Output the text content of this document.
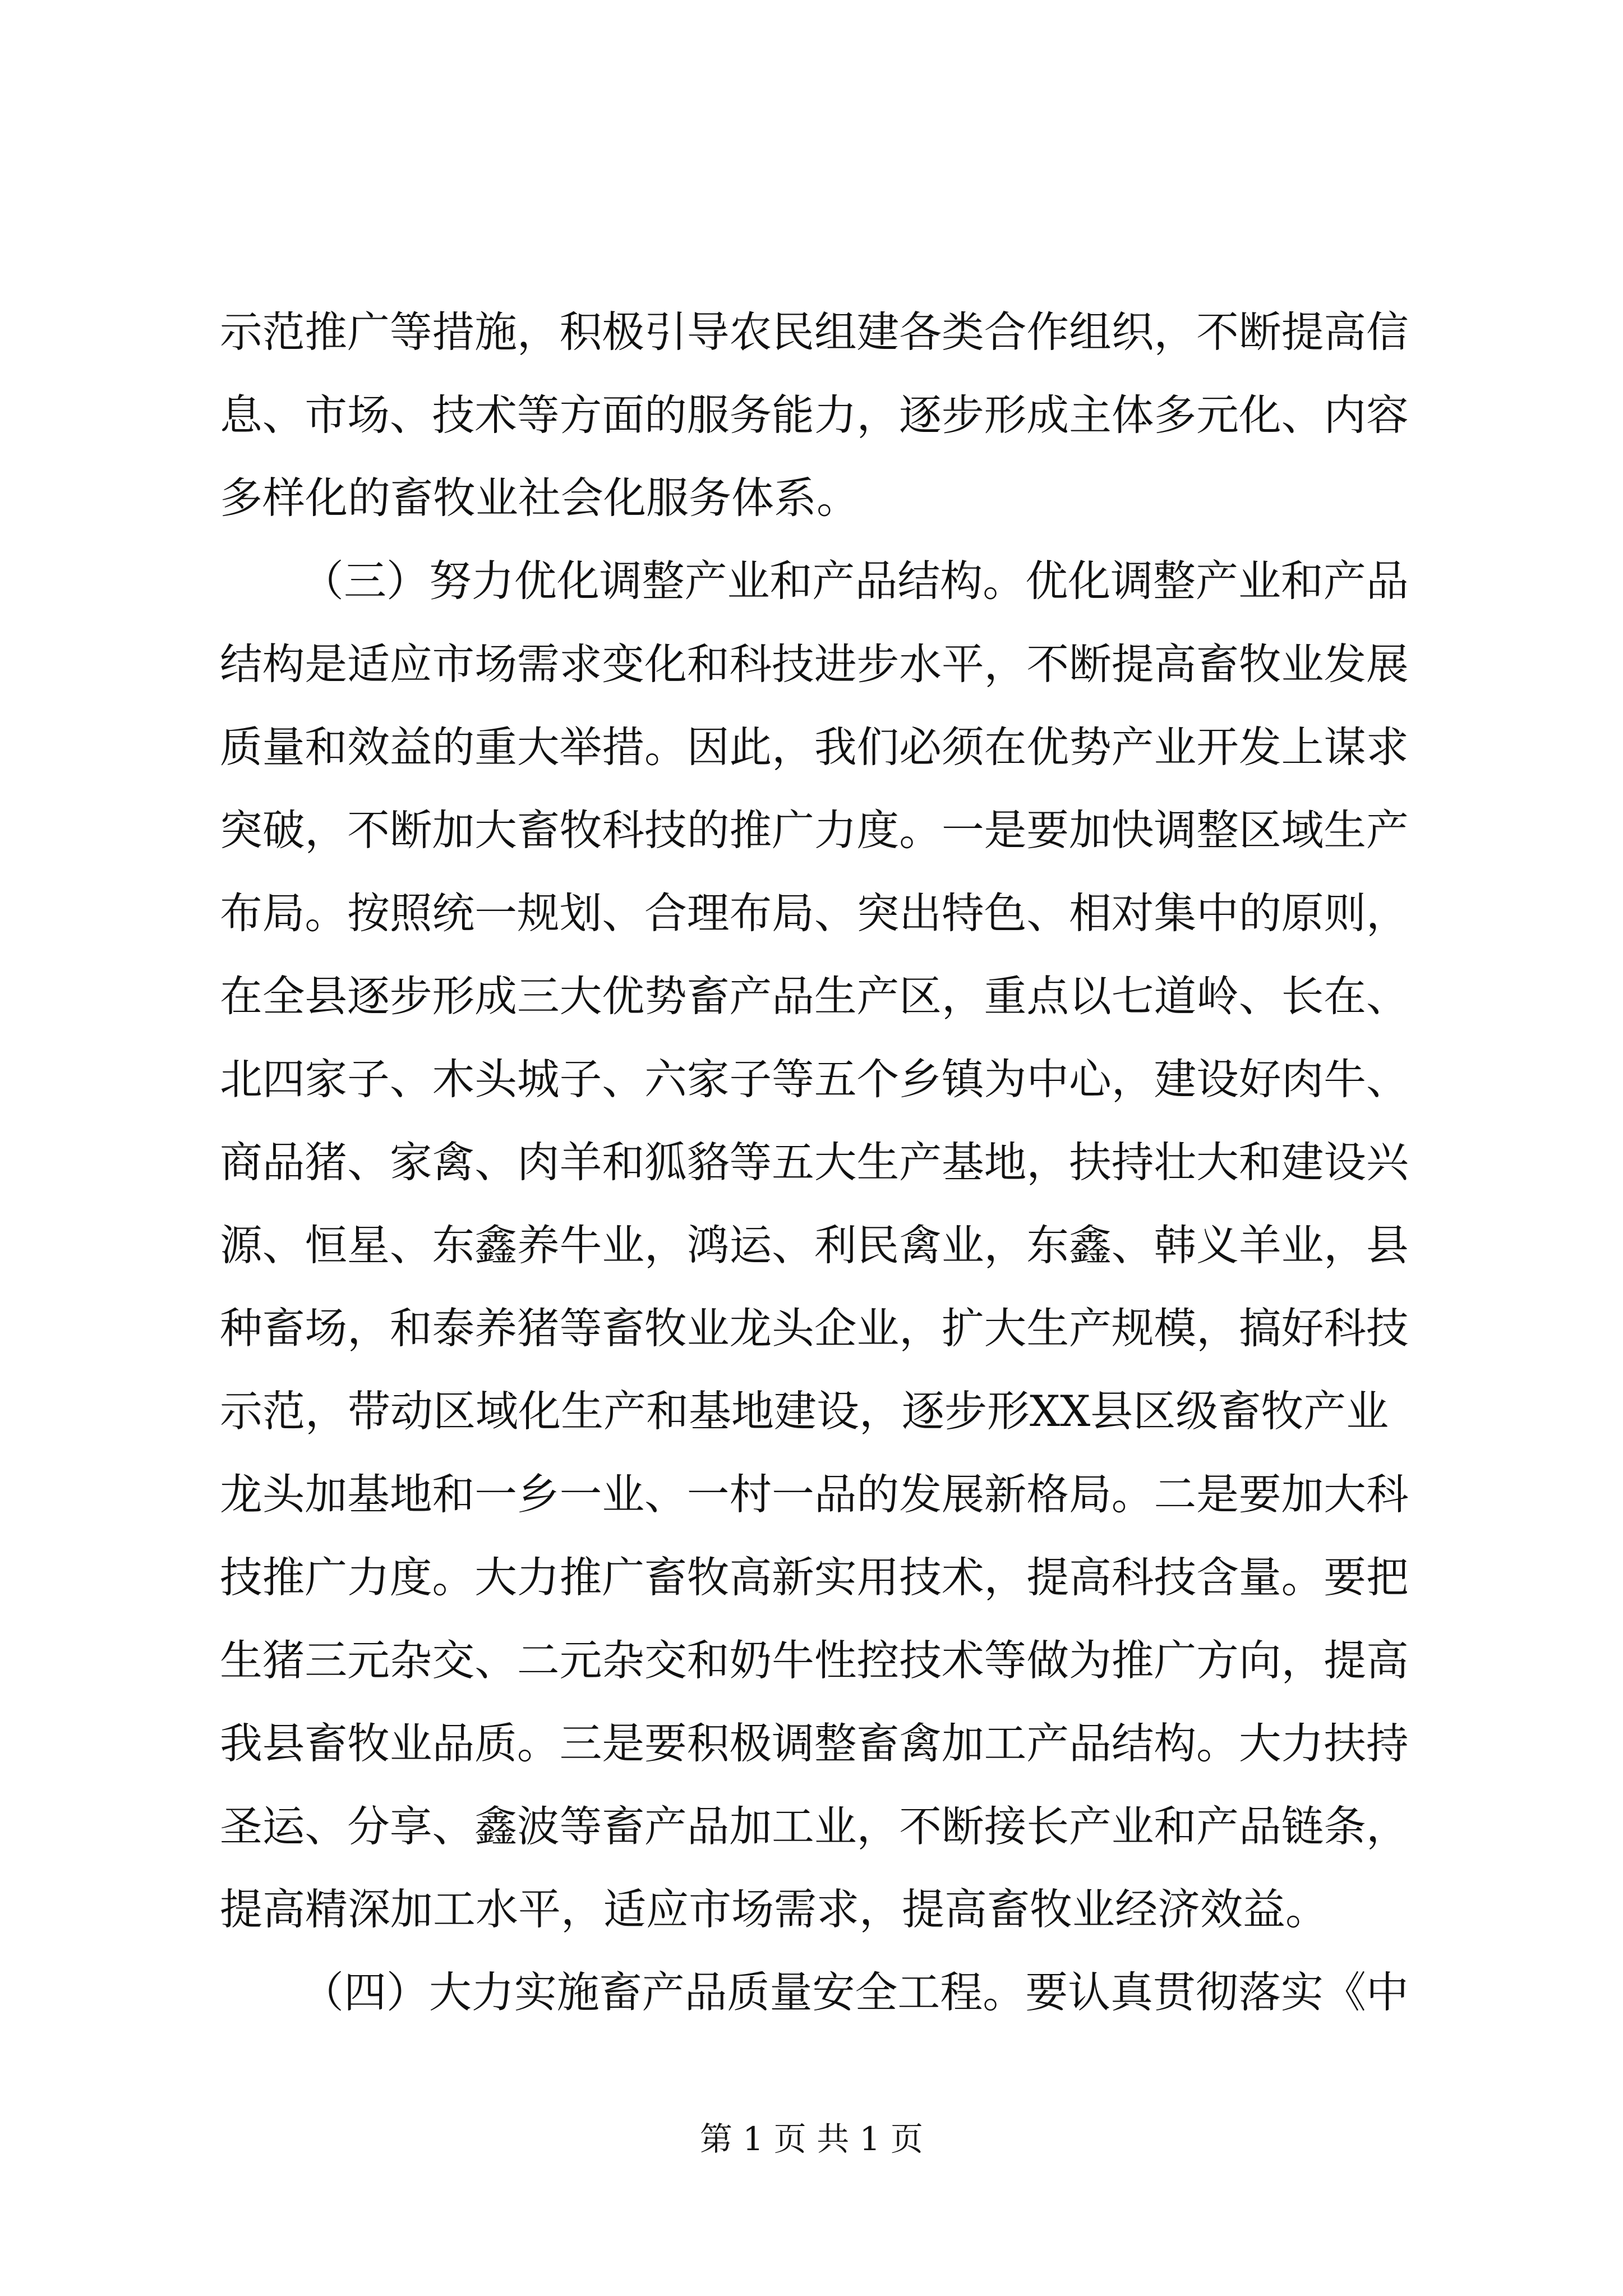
示范推广等措施，积极引导农民组建各类合作组织，不断提高信
息、市场、技术等方面的服务能力，逐步形成主体多元化、内容
多样化的畜牧业社会化服务体系。
（三）努力优化调整产业和产品结构。优化调整产业和产品
结构是适应市场需求变化和科技进步水平，不断提高畜牧业发展
质量和效益的重大举措。因此，我们必须在优势产业开发上谋求
突破，不断加大畜牧科技的推广力度。一是要加快调整区域生产
布局。按照统一规划、合理布局、突出特色、相对集中的原则，
在全县逐步形成三大优势畜产品生产区，重点以七道岭、长在、
北四家子、木头城子、六家子等五个乡镇为中心，建设好肉牛、
商品猪、家禽、肉羊和狐貉等五大生产基地，扶持壮大和建设兴
源、恒星、东鑫养牛业，鸿运、利民禽业，东鑫、韩义羊业，县
种畜场，和泰养猪等畜牧业龙头企业，扩大生产规模，搞好科技
示范，带动区域化生产和基地建设，逐步形XX县区级畜牧产业
龙头加基地和一乡一业、一村一品的发展新格局。二是要加大科
技推广力度。大力推广畜牧高新实用技术，提高科技含量。要把
生猪三元杂交、二元杂交和奶牛性控技术等做为推广方向，提高
我县畜牧业品质。三是要积极调整畜禽加工产品结构。大力扶持
圣运、分享、鑫波等畜产品加工业，不断接长产业和产品链条，
提高精深加工水平，适应市场需求，提高畜牧业经济效益。
（四）大力实施畜产品质量安全工程。要认真贯彻落实《中
第 1 页 共 1 页
